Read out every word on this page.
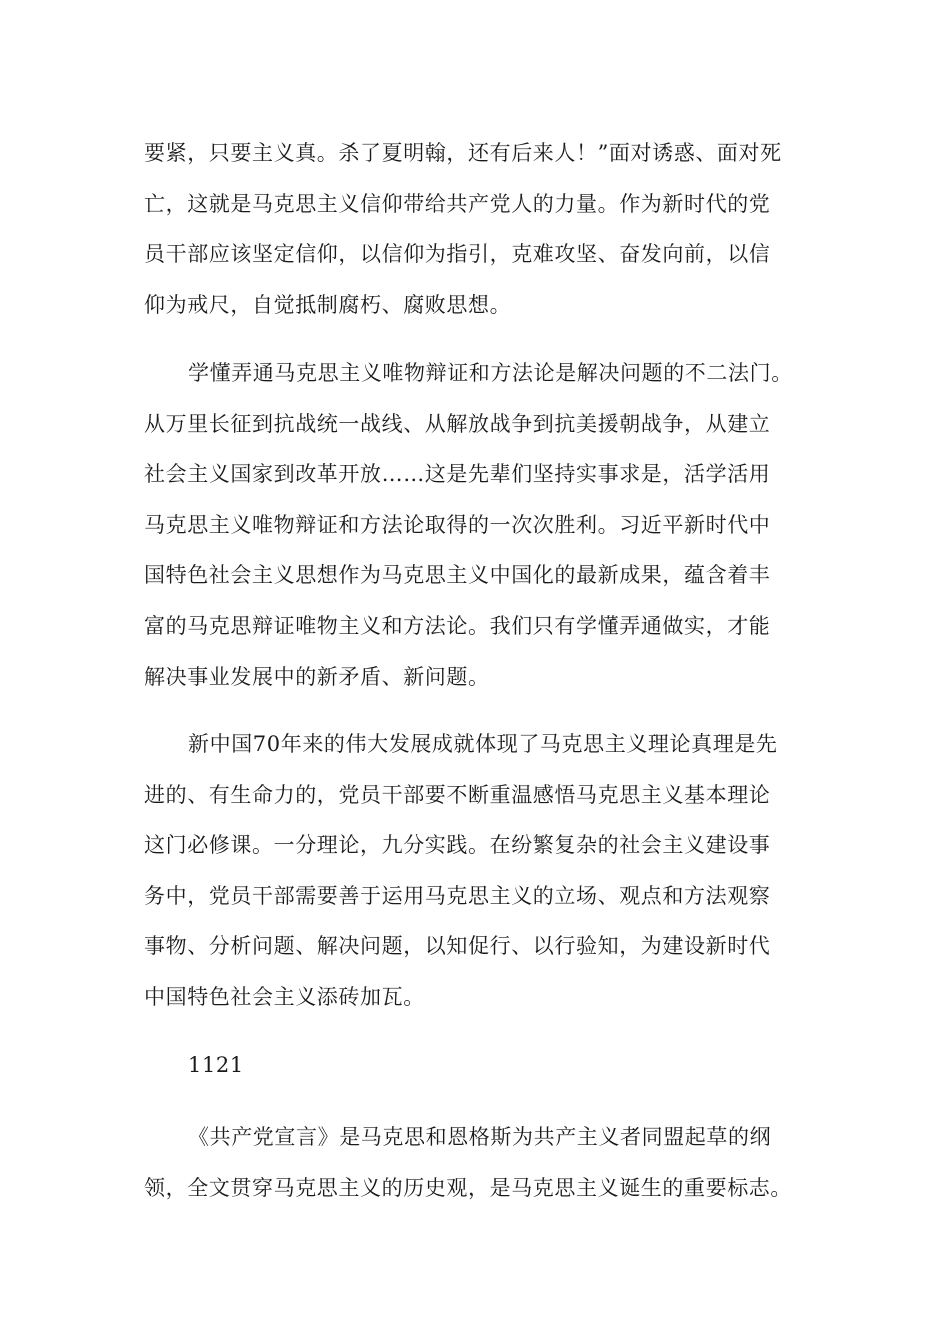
要紧，只要主义真。杀了夏明翰，还有后来人！”面对诱惑、面对死
亡，这就是马克思主义信仰带给共产党人的力量。作为新时代的党
员干部应该坚定信仰，以信仰为指引，克难攻坚、奋发向前，以信
仰为戒尺，自觉抵制腐朽、腐败思想。

学懂弄通马克思主义唯物辩证和方法论是解决问题的不二法门。
从万里长征到抗战统一战线、从解放战争到抗美援朝战争，从建立
社会主义国家到改革开放……这是先辈们坚持实事求是，活学活用
马克思主义唯物辩证和方法论取得的一次次胜利。习近平新时代中
国特色社会主义思想作为马克思主义中国化的最新成果，蕴含着丰
富的马克思辩证唯物主义和方法论。我们只有学懂弄通做实，才能
解决事业发展中的新矛盾、新问题。

新中国70年来的伟大发展成就体现了马克思主义理论真理是先
进的、有生命力的，党员干部要不断重温感悟马克思主义基本理论
这门必修课。一分理论，九分实践。在纷繁复杂的社会主义建设事
务中，党员干部需要善于运用马克思主义的立场、观点和方法观察
事物、分析问题、解决问题，以知促行、以行验知，为建设新时代
中国特色社会主义添砖加瓦。

1121

《共产党宣言》是马克思和恩格斯为共产主义者同盟起草的纲
领，全文贯穿马克思主义的历史观，是马克思主义诞生的重要标志。
